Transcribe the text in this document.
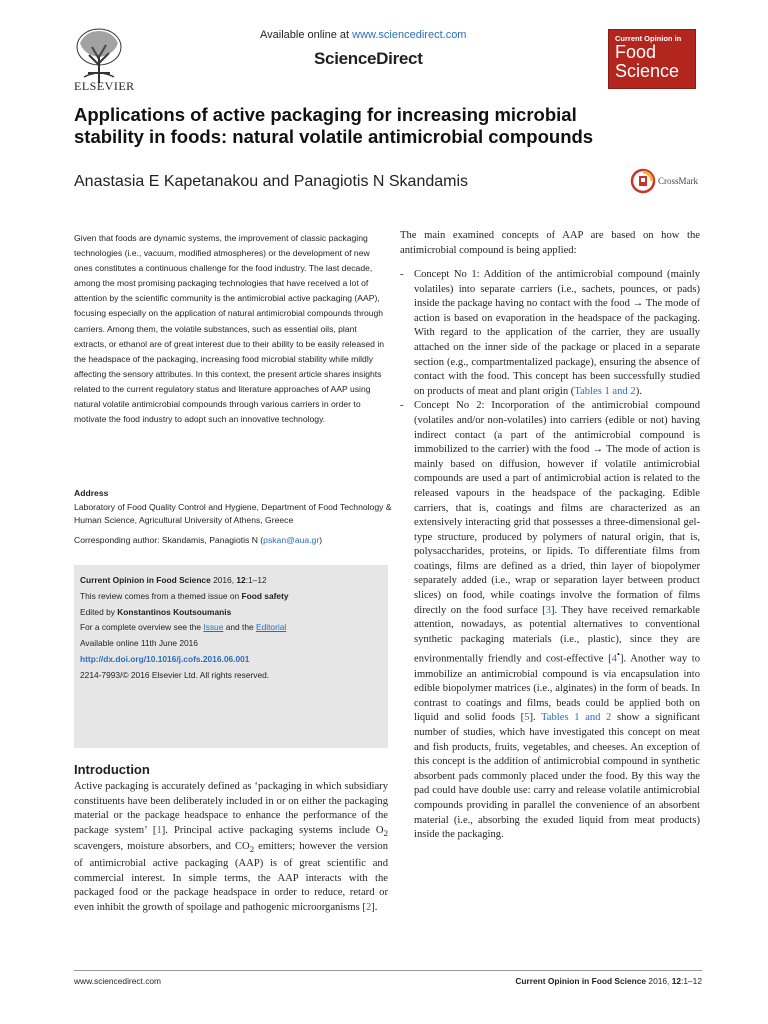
ELSEVIER
Available online at www.sciencedirect.com
ScienceDirect
Current Opinion in
Food
Science
Applications of active packaging for increasing microbial stability in foods: natural volatile antimicrobial compounds
Anastasia E Kapetanakou and Panagiotis N Skandamis	CrossMark
Given that foods are dynamic systems, the improvement of classic packaging technologies (i.e., vacuum, modified atmospheres) or the development of new ones constitutes a continuous challenge for the food industry. The last decade, among the most promising packaging technologies that have received a lot of attention by the scientific community is the antimicrobial active packaging (AAP), focusing especially on the application of natural antimicrobial compounds through carriers. Among them, the volatile substances, such as essential oils, plant extracts, or ethanol are of great interest due to their ability to be easily released in the headspace of the packaging, increasing food microbial stability while mildly affecting the sensory attributes. In this context, the present article shares insights related to the current regulatory status and literature approaches of AAP using natural volatile antimicrobial compounds through various carriers in order to motivate the food industry to adopt such an innovative technology.
Address
Laboratory of Food Quality Control and Hygiene, Department of Food Technology & Human Science, Agricultural University of Athens, Greece
Corresponding author: Skandamis, Panagiotis N (pskan@aua.gr)
Current Opinion in Food Science 2016, 12:1–12
This review comes from a themed issue on Food safety
Edited by Konstantinos Koutsoumanis
For a complete overview see the Issue and the Editorial
Available online 11th June 2016
http://dx.doi.org/10.1016/j.cofs.2016.06.001
2214-7993/© 2016 Elsevier Ltd. All rights reserved.
Introduction
Active packaging is accurately defined as ‘packaging in which subsidiary constituents have been deliberately included in or on either the packaging material or the package headspace to enhance the performance of the package system’ [1]. Principal active packaging systems include $O_2$ scavengers, moisture absorbers, and $CO_2$ emitters; however the version of antimicrobial active packaging (AAP) is of great scientific and commercial interest. In simple terms, the AAP interacts with the packaged food or the package headspace in order to reduce, retard or even inhibit the growth of spoilage and pathogenic microorganisms [2].
The main examined concepts of AAP are based on how the antimicrobial compound is being applied:
- Concept No 1: Addition of the antimicrobial compound (mainly volatiles) into separate carriers (i.e., sachets, pounces, or pads) inside the package having no contact with the food → The mode of action is based on evaporation in the headspace of the packaging. With regard to the application of the carrier, they are usually attached on the inner side of the package or placed in a separate section (e.g., compartmentalized package), ensuring the absence of contact with the food. This concept has been successfully studied on products of meat and plant origin (Tables 1 and 2).
- Concept No 2: Incorporation of the antimicrobial compound (volatiles and/or non-volatiles) into carriers (edible or not) having indirect contact (a part of the antimicrobial compound is immobilized to the carrier) with the food → The mode of action is mainly based on diffusion, however if volatile antimicrobial compounds are used a part of antimicrobial action is related to the released vapours in the headspace of the packaging. Edible carriers, that is, coatings and films are characterized as an extensively interacting grid that possesses a three-dimensional gel-type structure, produced by polymers of natural origin, that is, polysaccharides, proteins, or lipids. To differentiate films from coatings, films are defined as a dried, thin layer of biopolymer separately added (i.e., wrap or separation layer between product slices) on food, while coatings involve the formation of films directly on the food surface [3]. They have received remarkable attention, nowadays, as potential alternatives to conventional synthetic packaging materials (i.e., plastic), since they are environmentally friendly and cost-effective [4•]. Another way to immobilize an antimicrobial compound is via encapsulation into edible biopolymer matrices (i.e., alginates) in the form of beads. In contrast to coatings and films, beads could be applied both on liquid and solid foods [5]. Tables 1 and 2 show a significant number of studies, which have investigated this concept on meat and fish products, fruits, vegetables, and cheeses. An exception of this concept is the addition of antimicrobial compound in synthetic absorbent pads commonly placed under the food. By this way the pad could have double use: carry and release volatile antimicrobial compounds providing in parallel the convenience of an absorbent material (i.e., absorbing the exuded liquid from meat products) inside the packaging.
www.sciencedirect.com	Current Opinion in Food Science 2016, 12:1–12
